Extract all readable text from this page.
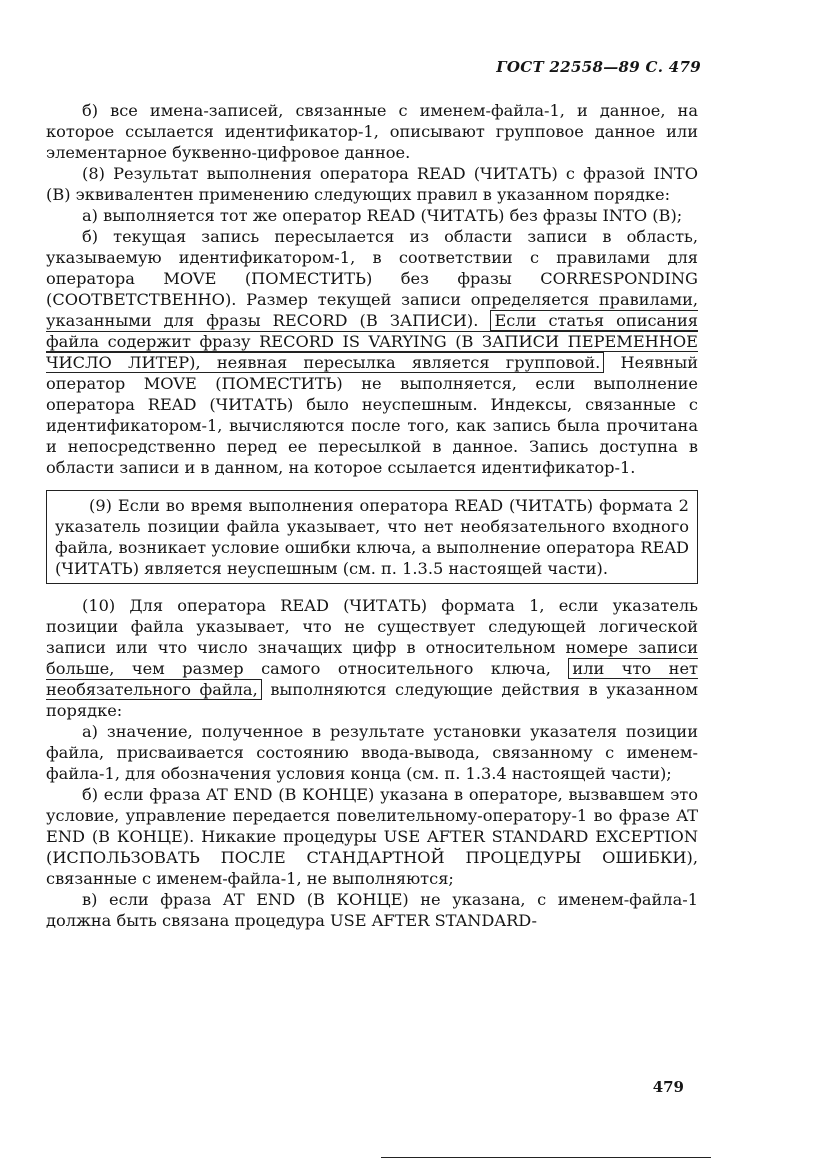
ГОСТ 22558—89 С. 479

б) все имена-записей, связанные с именем-файла-1, и данное, на которое ссылается идентификатор-1, описывают групповое данное или элементарное буквенно-цифровое данное.

(8) Результат выполнения оператора READ (ЧИТАТЬ) с фразой INTO (В) эквивалентен применению следующих правил в указанном порядке:

а) выполняется тот же оператор READ (ЧИТАТЬ) без фразы INTO (В);

б) текущая запись пересылается из области записи в область, указываемую идентификатором-1, в соответствии с правилами для оператора MOVE (ПОМЕСТИТЬ) без фразы CORRESPONDING (СООТВЕТСТВЕННО). Размер текущей записи определяется правилами, указанными для фразы RECORD (В ЗАПИСИ). Если статья описания файла содержит фразу RECORD IS VARYING (В ЗАПИСИ ПЕРЕМЕННОЕ ЧИСЛО ЛИТЕР), неявная пересылка является групповой. Неявный оператор MOVE (ПОМЕСТИТЬ) не выполняется, если выполнение оператора READ (ЧИТАТЬ) было неуспешным. Индексы, связанные с идентификатором-1, вычисляются после того, как запись была прочитана и непосредственно перед ее пересылкой в данное. Запись доступна в области записи и в данном, на которое ссылается идентификатор-1.

(9) Если во время выполнения оператора READ (ЧИТАТЬ) формата 2 указатель позиции файла указывает, что нет необязательного входного файла, возникает условие ошибки ключа, а выполнение оператора READ (ЧИТАТЬ) является неуспешным (см. п. 1.3.5 настоящей части).

(10) Для оператора READ (ЧИТАТЬ) формата 1, если указатель позиции файла указывает, что не существует следующей логической записи или что число значащих цифр в относительном номере записи больше, чем размер самого относительного ключа, или что нет необязательного файла, выполняются следующие действия в указанном порядке:

а) значение, полученное в результате установки указателя позиции файла, присваивается состоянию ввода-вывода, связанному с именем-файла-1, для обозначения условия конца (см. п. 1.3.4 настоящей части);

б) если фраза AT END (В КОНЦЕ) указана в операторе, вызвавшем это условие, управление передается повелительному-оператору-1 во фразе AT END (В КОНЦЕ). Никакие процедуры USE AFTER STANDARD EXCEPTION (ИСПОЛЬЗОВАТЬ ПОСЛЕ СТАНДАРТНОЙ ПРОЦЕДУРЫ ОШИБКИ), связанные с именем-файла-1, не выполняются;

в) если фраза AT END (В КОНЦЕ) не указана, с именем-файла-1 должна быть связана процедура USE AFTER STANDARD-

479
